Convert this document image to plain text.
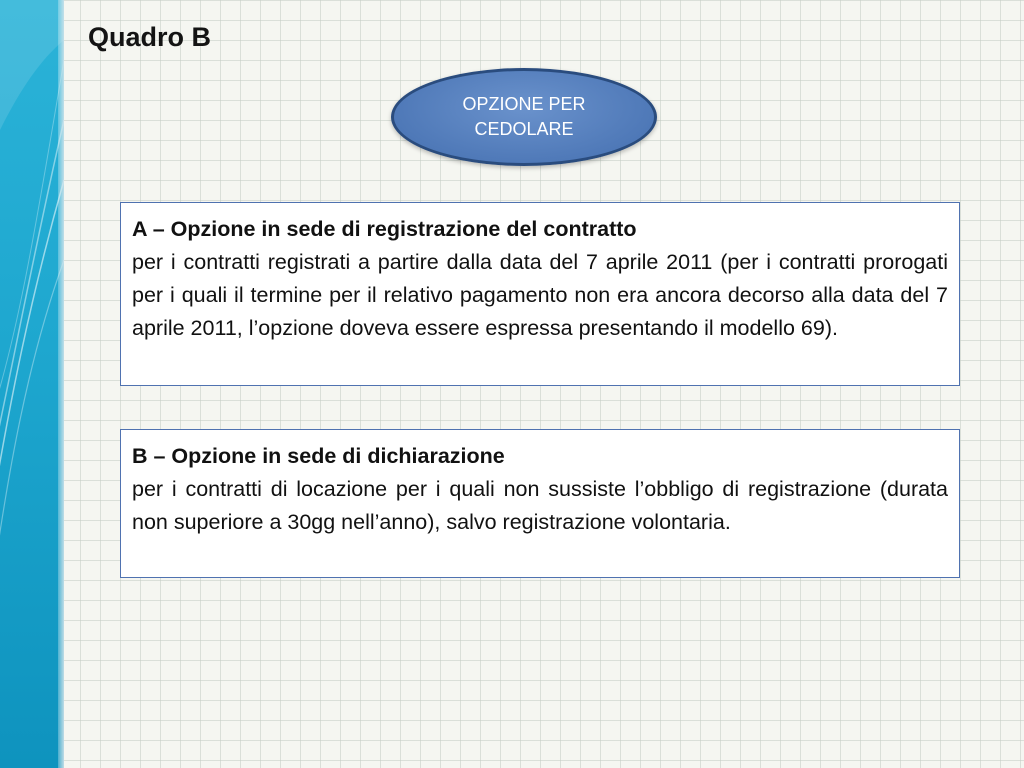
Quadro B
OPZIONE PER CEDOLARE
A – Opzione in sede di registrazione del contratto
per i contratti registrati a partire dalla data del 7 aprile 2011 (per i contratti prorogati per i quali il termine per il relativo pagamento non era ancora decorso alla data del 7 aprile 2011, l’opzione doveva essere espressa presentando il modello 69).
B – Opzione in sede di dichiarazione
per i contratti di locazione per i quali non sussiste l’obbligo di registrazione (durata non superiore a 30gg nell’anno), salvo registrazione volontaria.
